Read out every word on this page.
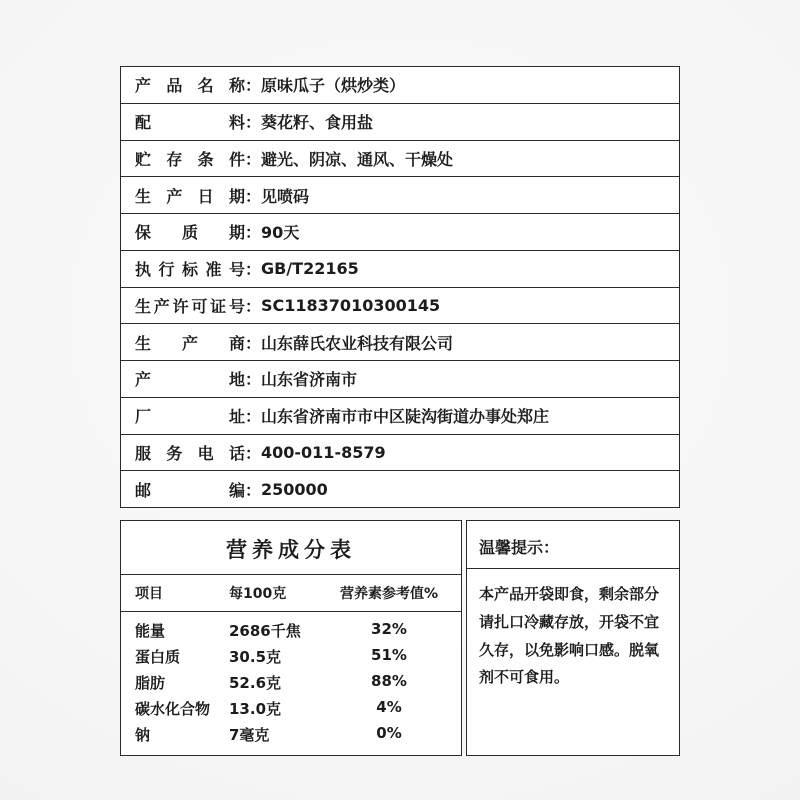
产品名称 ： 原味瓜子（烘炒类）
配料 ： 葵花籽、食用盐
贮存条件 ： 避光、阴凉、通风、干燥处
生产日期 ： 见喷码
保质期 ： 90天
执行标准号 ： GB/T22165
生产许可证号 ： SC11837010300145
生产商 ： 山东薛氏农业科技有限公司
产地 ： 山东省济南市
厂址 ： 山东省济南市市中区陡沟街道办事处郑庄
服务电话 ： 400-011-8579
邮编 ： 250000
营养成分表
项目	每100克	营养素参考值%
能量	2686千焦	32%
蛋白质	30.5克	51%
脂肪	52.6克	88%
碳水化合物	13.0克	4%
钠	7毫克	0%
温馨提示：
本产品开袋即食，剩余部分请扎口冷藏存放，开袋不宜久存，以免影响口感。脱氧剂不可食用。
